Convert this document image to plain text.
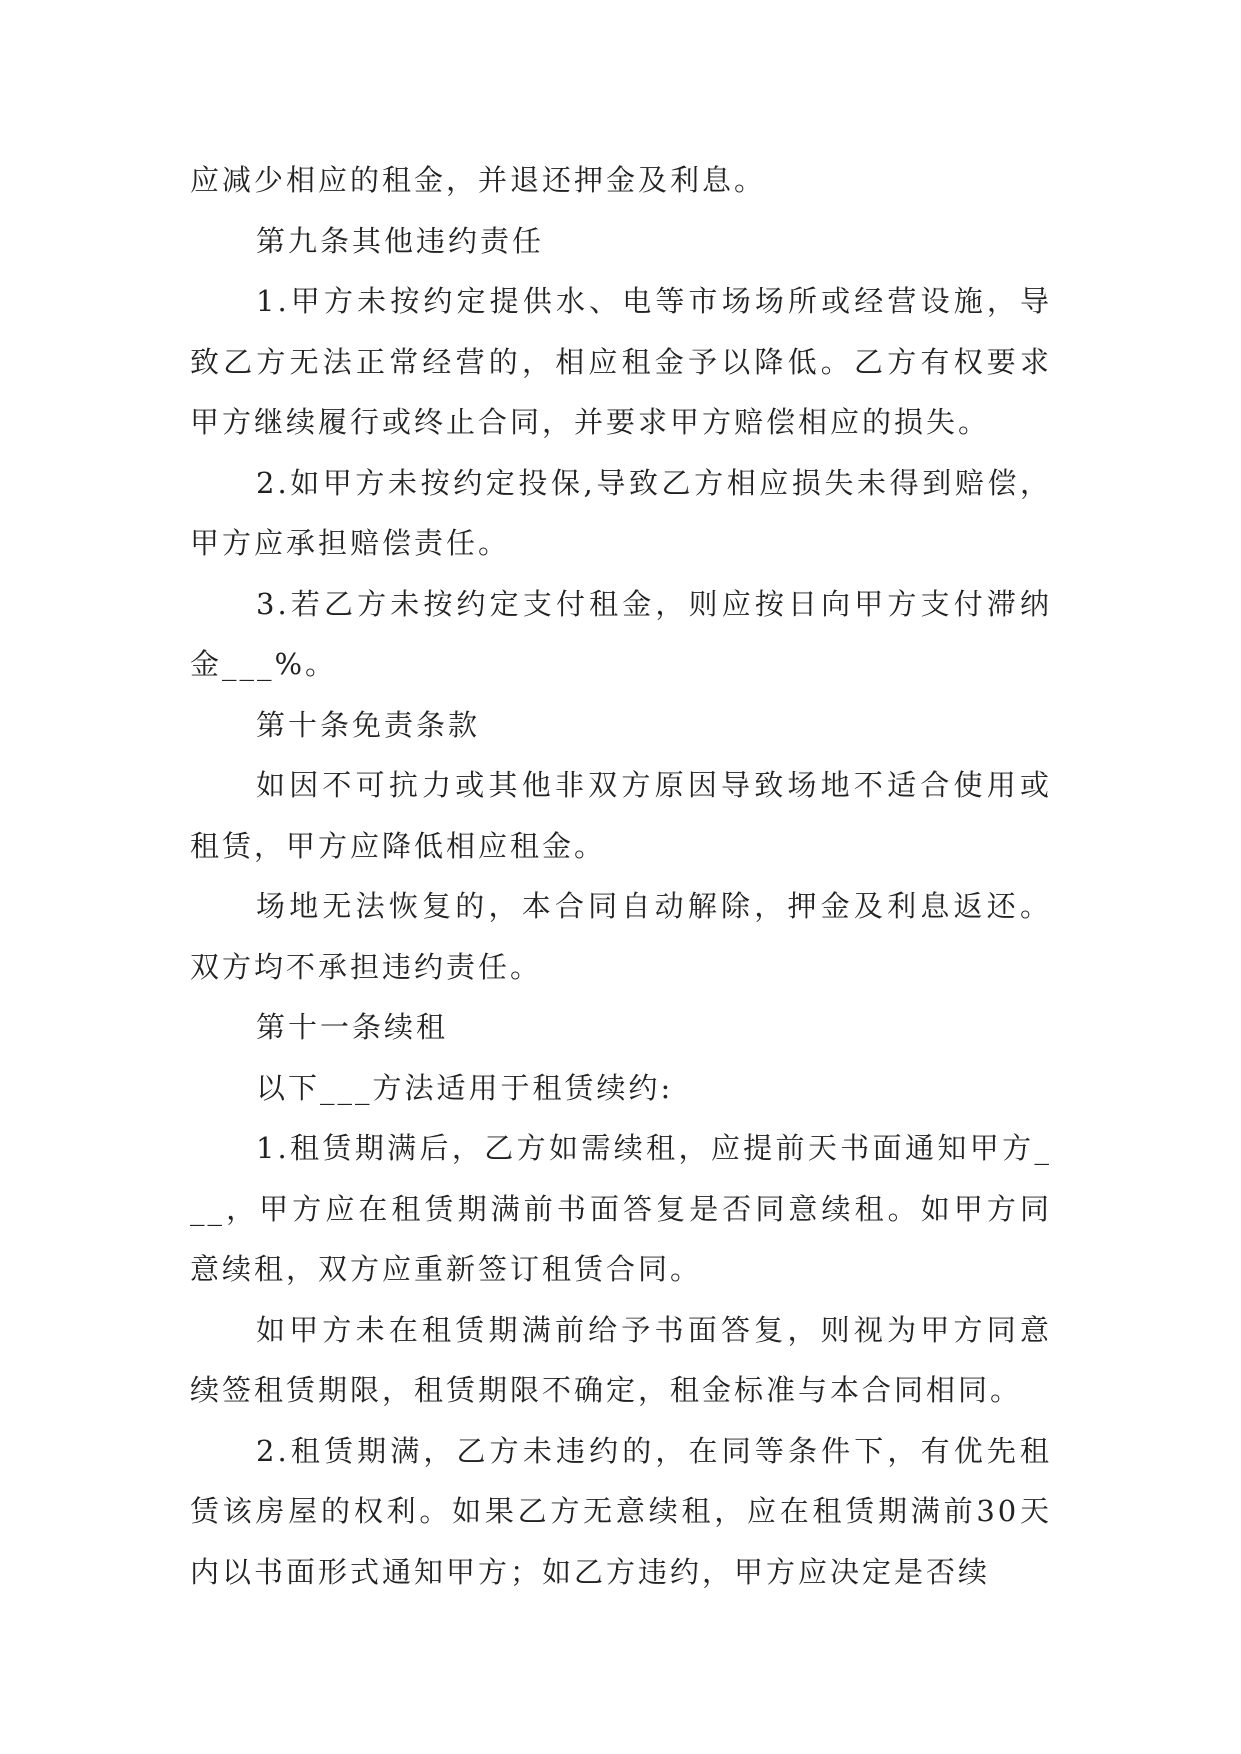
应减少相应的租金，并退还押金及利息。

第九条其他违约责任

1.甲方未按约定提供水、电等市场场所或经营设施，导致乙方无法正常经营的，相应租金予以降低。乙方有权要求甲方继续履行或终止合同，并要求甲方赔偿相应的损失。

2.如甲方未按约定投保,导致乙方相应损失未得到赔偿，甲方应承担赔偿责任。

3.若乙方未按约定支付租金，则应按日向甲方支付滞纳金___%。

第十条免责条款

如因不可抗力或其他非双方原因导致场地不适合使用或租赁，甲方应降低相应租金。

场地无法恢复的，本合同自动解除，押金及利息返还。双方均不承担违约责任。

第十一条续租

以下___方法适用于租赁续约:

1.租赁期满后，乙方如需续租，应提前天书面通知甲方___，甲方应在租赁期满前书面答复是否同意续租。如甲方同意续租，双方应重新签订租赁合同。

如甲方未在租赁期满前给予书面答复，则视为甲方同意续签租赁期限，租赁期限不确定，租金标准与本合同相同。

2.租赁期满，乙方未违约的，在同等条件下，有优先租赁该房屋的权利。如果乙方无意续租，应在租赁期满前30天内以书面形式通知甲方；如乙方违约，甲方应决定是否续
